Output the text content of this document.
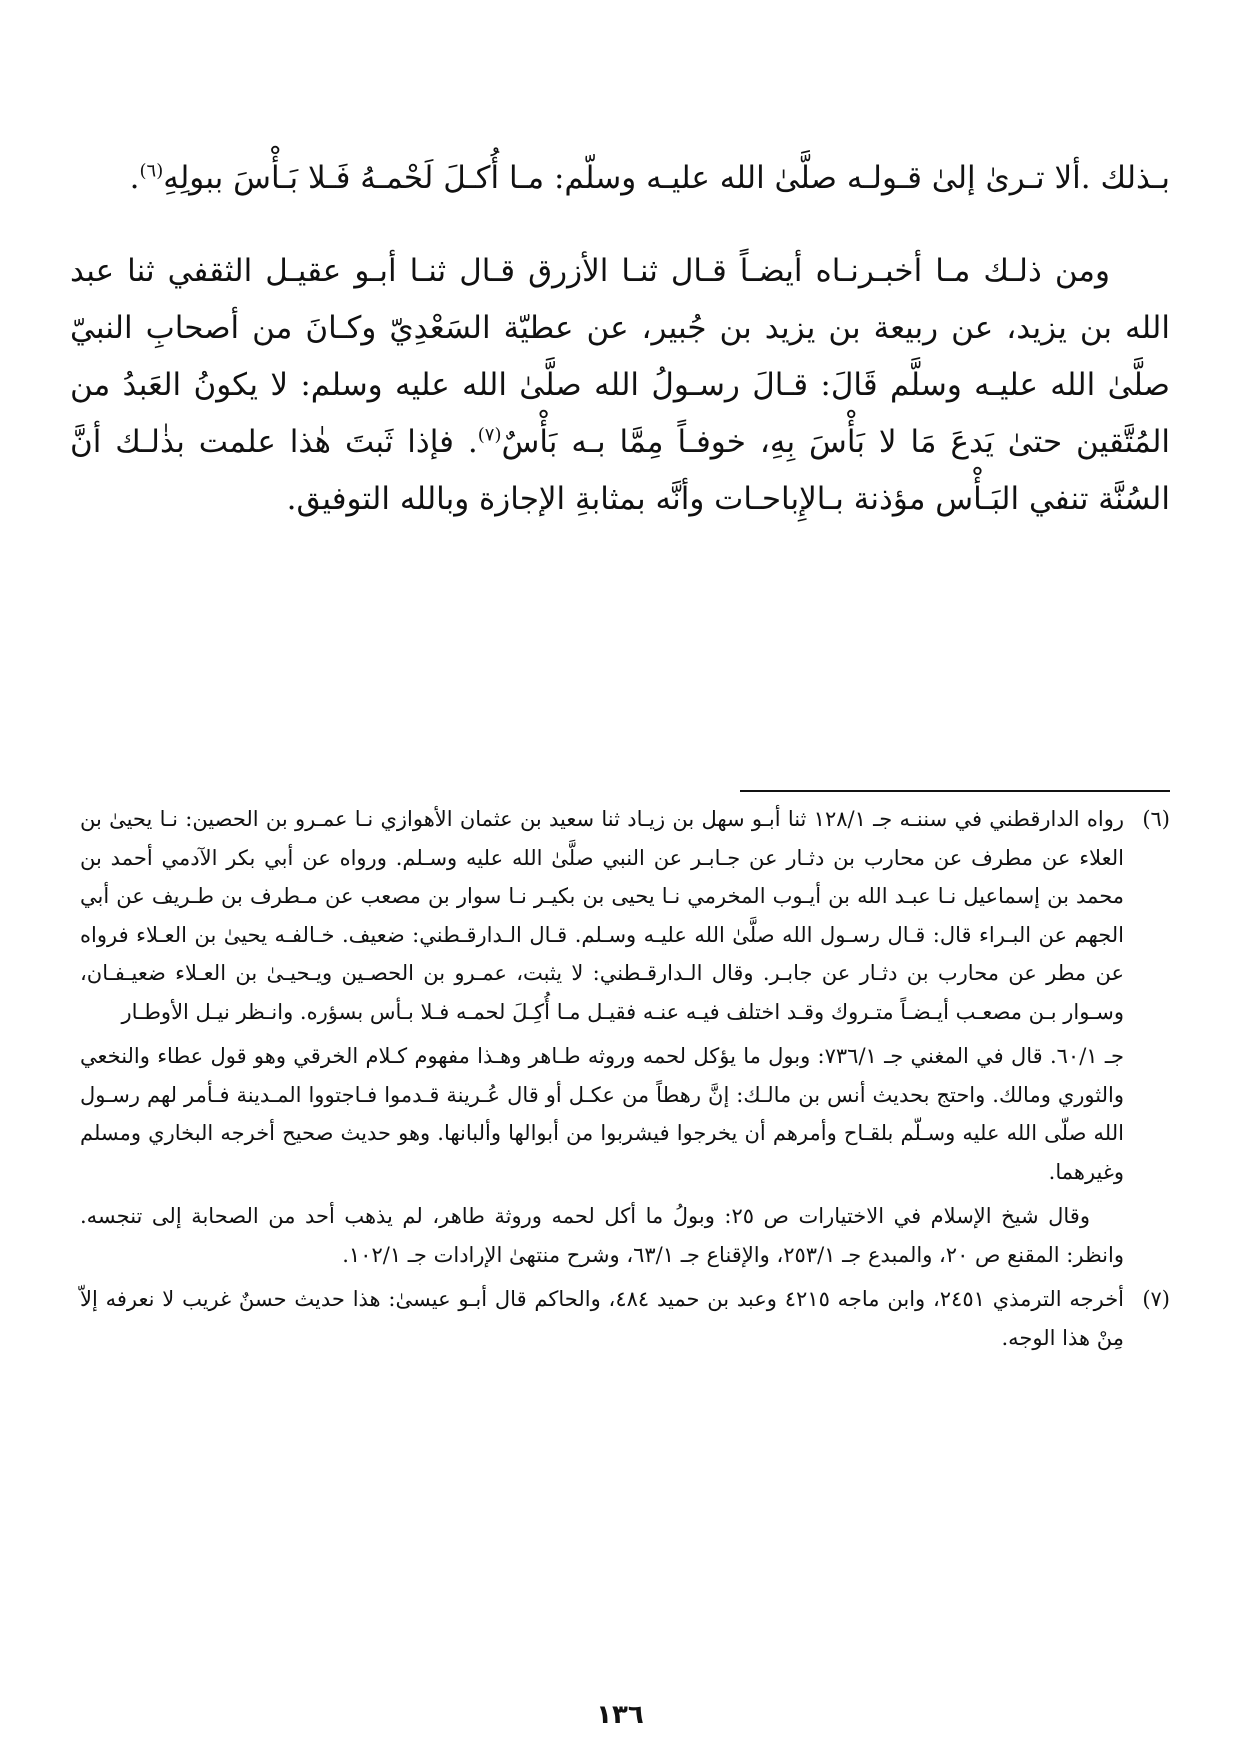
بـذلك .ألا تـرىٰ إلىٰ قـولـه صلَّىٰ الله عليـه وسلّم: مـا أُكـلَ لَحْمـهُ فَـلا بَـأْسَ ببولِهِ$^{(٦)}$.

ومن ذلـك مـا أخبـرنـاه أيضـاً قـال ثنـا الأزرق قـال ثنـا أبـو عقيـل الثقفي ثنا عبد الله بن يزيد، عن ربيعة بن يزيد بن جُبير، عن عطيّة السَعْدِيّ وكـانَ من أصحابِ النبيّ صلَّىٰ الله عليـه وسلَّم قَالَ: قـالَ رسـولُ الله صلَّىٰ الله عليه وسلم: لا يكونُ العَبدُ من المُتَّقين حتىٰ يَدعَ مَا لا بَأْسَ بِهِ، خوفـاً مِمَّا بـه بَأْسٌ$^{(٧)}$. فإذا ثَبتَ هٰذا علمت بذٰلـك أنَّ السُنَّة تنفي البَـأْس مؤذنة بـالإِباحـات وأنَّه بمثابةِ الإجازة وبالله التوفيق.

(٦)

رواه الدارقطني في سننـه جـ ١٢٨/١ ثنا أبـو سهل بن زيـاد ثنا سعيد بن عثمان الأهوازي نـا عمـرو بن الحصين: نـا يحيىٰ بن العلاء عن مطرف عن محارب بن دثـار عن جـابـر عن النبي صلَّىٰ الله عليه وسـلم. ورواه عن أبي بكر الآدمي أحمد بن محمد بن إسماعيل نـا عبـد الله بن أيـوب المخرمي نـا يحيى بن بكيـر نـا سوار بن مصعب عن مـطرف بن طـريف عن أبي الجهم عن البـراء قال: قـال رسـول الله صلَّىٰ الله عليـه وسـلم. قـال الـدارقـطني: ضعيف. خـالفـه يحيىٰ بن العـلاء فرواه عن مطر عن محارب بن دثـار عن جابـر. وقال الـدارقـطني: لا يثبت، عمـرو بن الحصـين ويـحيـىٰ بن العـلاء ضعيـفـان، وسـوار بـن مصعـب أيـضـاً متـروك وقـد اختلف فيـه عنـه فقيـل مـا أُكِـلَ لحمـه فـلا بـأس بسؤره. وانـظر نيـل الأوطـار

جـ ٦٠/١. قال في المغني جـ ٧٣٦/١: وبول ما يؤكل لحمه وروثه طـاهر وهـذا مفهوم كـلام الخرقي وهو قول عطاء والنخعي والثوري ومالك. واحتج بحديث أنس بن مالـك: إنَّ رهطاً من عكـل أو قال عُـرينة قـدموا فـاجتووا المـدينة فـأمر لهم رسـول الله صلّى الله عليه وسـلّم بلقـاح وأمرهم أن يخرجوا فيشربوا من أبوالها وألبانها. وهو حديث صحيح أخرجه البخاري ومسلم وغيرهما.

وقال شيخ الإسلام في الاختيارات ص ٢٥: وبولُ ما أكل لحمه وروثة طاهر، لم يذهب أحد من الصحابة إلى تنجسه. وانظر: المقنع ص ٢٠، والمبدع جـ ٢٥٣/١، والإقناع جـ ٦٣/١، وشرح منتهىٰ الإرادات جـ ١٠٢/١.

(٧)

أخرجه الترمذي ٢٤٥١، وابن ماجه ٤٢١٥ وعبد بن حميد ٤٨٤، والحاكم قال أبـو عيسىٰ: هذا حديث حسنٌ غريب لا نعرفه إلاّ مِنْ هذا الوجه.

١٣٦
